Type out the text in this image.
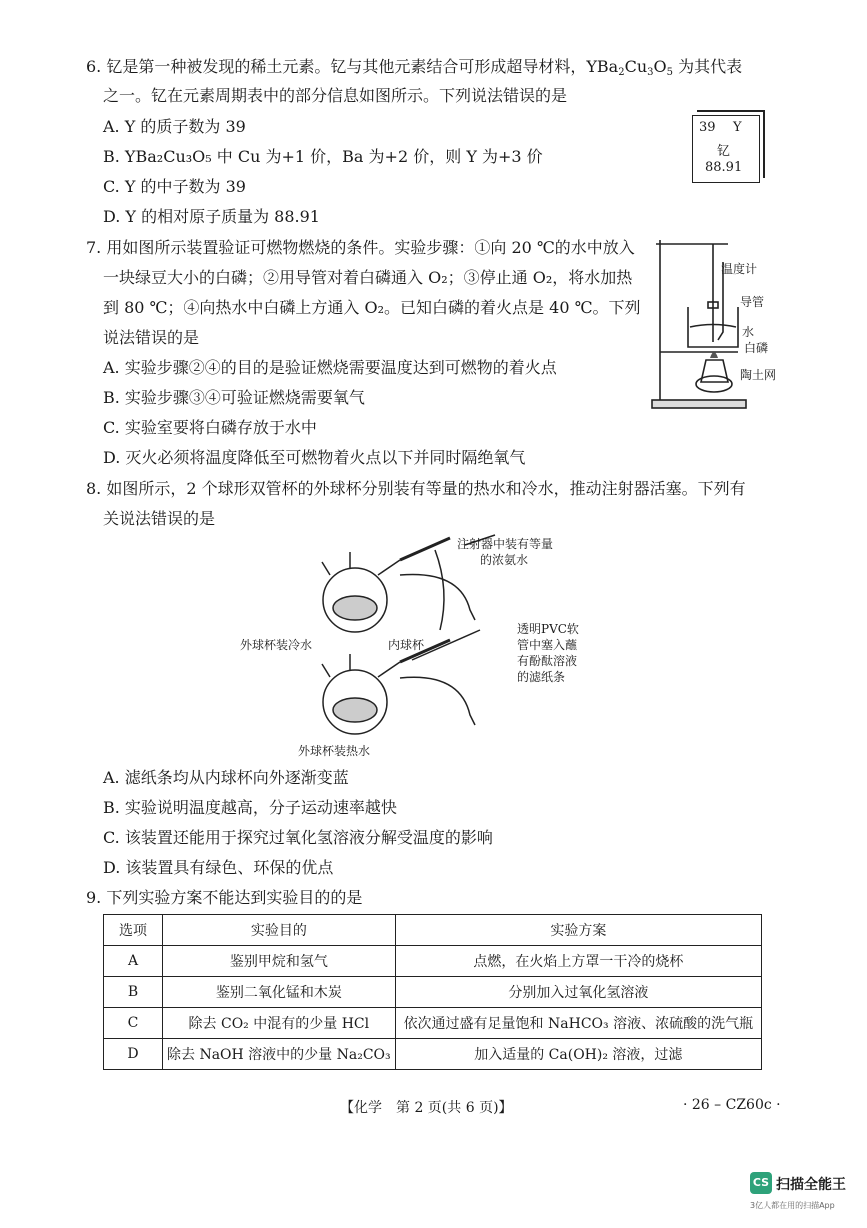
6. 钇是第一种被发现的稀土元素。钇与其他元素结合可形成超导材料，$YBa_2Cu_3O_5$ 为其代表
之一。钇在元素周期表中的部分信息如图所示。下列说法错误的是
A. Y 的质子数为 39
B. YBa₂Cu₃O₅ 中 Cu 为+1 价，Ba 为+2 价，则 Y 为+3 价
C. Y 的中子数为 39
D. Y 的相对原子质量为 88.91
39 Y
钇
88.91
7. 用如图所示装置验证可燃物燃烧的条件。实验步骤：①向 20 ℃的水中放入
一块绿豆大小的白磷；②用导管对着白磷通入 O₂；③停止通 O₂，将水加热
到 80 ℃；④向热水中白磷上方通入 O₂。已知白磷的着火点是 40 ℃。下列
说法错误的是
A. 实验步骤②④的目的是验证燃烧需要温度达到可燃物的着火点
B. 实验步骤③④可验证燃烧需要氧气
C. 实验室要将白磷存放于水中
D. 灭火必须将温度降低至可燃物着火点以下并同时隔绝氧气
温度计
导管
水
白磷
陶土网
8. 如图所示，2 个球形双管杯的外球杯分别装有等量的热水和冷水，推动注射器活塞。下列有
关说法错误的是
注射器中装有等量
的浓氨水
外球杯装冷水	内球杯
透明PVC软
管中塞入蘸
有酚酞溶液
的滤纸条
外球杯装热水
A. 滤纸条均从内球杯向外逐渐变蓝
B. 实验说明温度越高，分子运动速率越快
C. 该装置还能用于探究过氧化氢溶液分解受温度的影响
D. 该装置具有绿色、环保的优点
9. 下列实验方案不能达到实验目的的是
选项	实验目的	实验方案
A	鉴别甲烷和氢气	点燃，在火焰上方罩一干冷的烧杯
B	鉴别二氧化锰和木炭	分别加入过氧化氢溶液
C	除去 CO₂ 中混有的少量 HCl	依次通过盛有足量饱和 NaHCO₃ 溶液、浓硫酸的洗气瓶
D	除去 NaOH 溶液中的少量 Na₂CO₃	加入适量的 Ca(OH)₂ 溶液，过滤
【化学　第 2 页(共 6 页)】	· 26 – CZ60c ·
CS 扫描全能王
3亿人都在用的扫描App
